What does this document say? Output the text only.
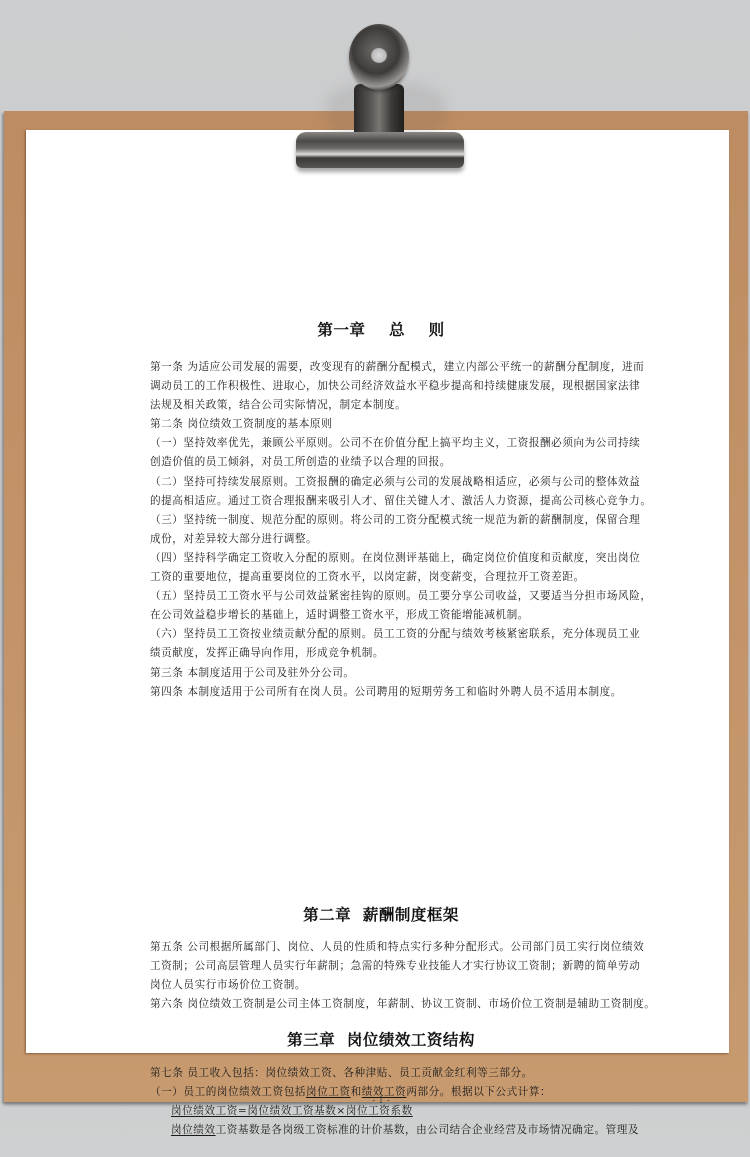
第一章    总    则
第一条 为适应公司发展的需要，改变现有的薪酬分配模式，建立内部公平统一的薪酬分配制度，进而
调动员工的工作积极性、进取心，加快公司经济效益水平稳步提高和持续健康发展，现根据国家法律
法规及相关政策，结合公司实际情况，制定本制度。
第二条 岗位绩效工资制度的基本原则
（一）坚持效率优先，兼顾公平原则。公司不在价值分配上搞平均主义，工资报酬必须向为公司持续
创造价值的员工倾斜，对员工所创造的业绩予以合理的回报。
（二）坚持可持续发展原则。工资报酬的确定必须与公司的发展战略相适应，必须与公司的整体效益
的提高相适应。通过工资合理报酬来吸引人才、留住关键人才、激活人力资源，提高公司核心竞争力。
（三）坚持统一制度、规范分配的原则。将公司的工资分配模式统一规范为新的薪酬制度，保留合理
成份，对差异较大部分进行调整。
（四）坚持科学确定工资收入分配的原则。在岗位测评基础上，确定岗位价值度和贡献度，突出岗位
工资的重要地位，提高重要岗位的工资水平，以岗定薪，岗变薪变，合理拉开工资差距。
（五）坚持员工工资水平与公司效益紧密挂钩的原则。员工要分享公司收益，又要适当分担市场风险，
在公司效益稳步增长的基础上，适时调整工资水平，形成工资能增能减机制。
（六）坚持员工工资按业绩贡献分配的原则。员工工资的分配与绩效考核紧密联系，充分体现员工业
绩贡献度，发挥正确导向作用，形成竞争机制。
第三条 本制度适用于公司及驻外分公司。
第四条 本制度适用于公司所有在岗人员。公司聘用的短期劳务工和临时外聘人员不适用本制度。
第二章  薪酬制度框架
第五条 公司根据所属部门、岗位、人员的性质和特点实行多种分配形式。公司部门员工实行岗位绩效
工资制；公司高层管理人员实行年薪制；急需的特殊专业技能人才实行协议工资制；新聘的简单劳动
岗位人员实行市场价位工资制。
第六条 岗位绩效工资制是公司主体工资制度，年薪制、协议工资制、市场价位工资制是辅助工资制度。
第三章  岗位绩效工资结构
第七条 员工收入包括：岗位绩效工资、各种津贴、员工贡献金红利等三部分。
（一）员工的岗位绩效工资包括岗位工资和绩效工资两部分。根据以下公式计算：
岗位绩效工资=岗位绩效工资基数×岗位工资系数
岗位绩效工资基数是各岗级工资标准的计价基数，由公司结合企业经营及市场情况确定。管理及
- 1 -
